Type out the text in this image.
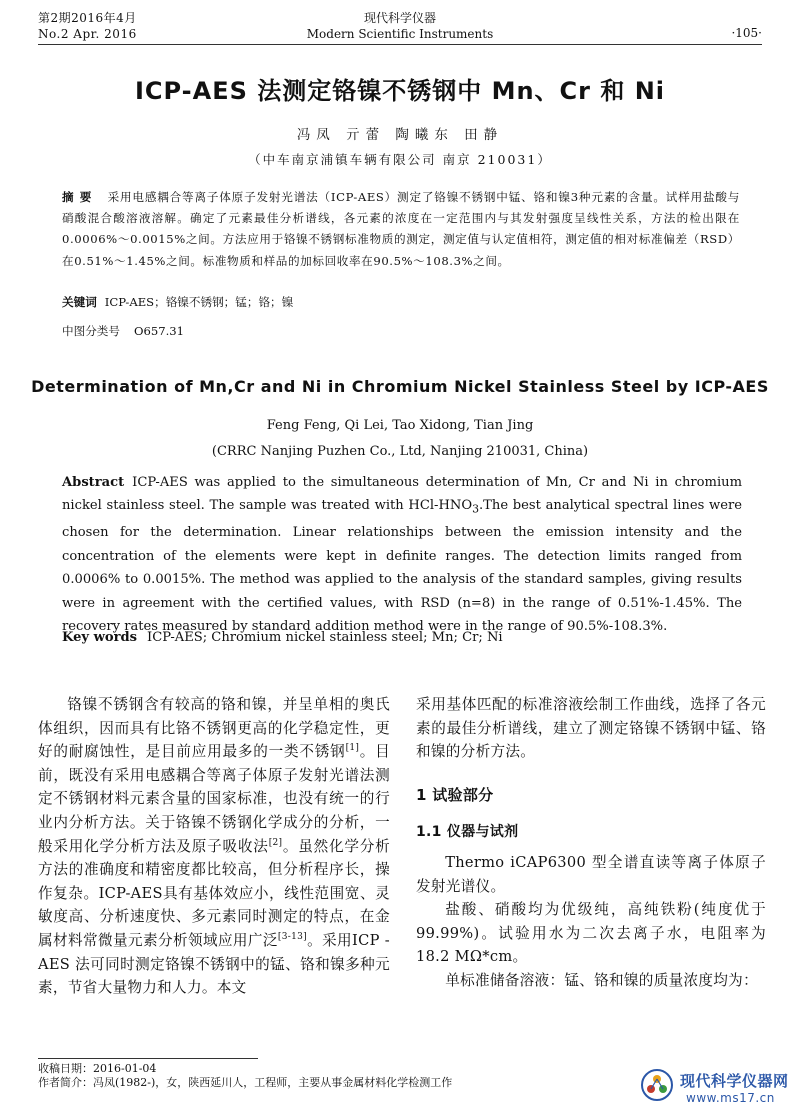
第2期2016年4月
No.2 Apr. 2016
现代科学仪器
Modern Scientific Instruments	·105·
ICP-AES 法测定铬镍不锈钢中 Mn、Cr 和 Ni
冯凤 亓蕾 陶曦东 田静
（中车南京浦镇车辆有限公司 南京 210031）
摘要 采用电感耦合等离子体原子发射光谱法（ICP-AES）测定了铬镍不锈钢中锰、铬和镍3种元素的含量。试样用盐酸与硝酸混合酸溶液溶解。确定了元素最佳分析谱线，各元素的浓度在一定范围内与其发射强度呈线性关系，方法的检出限在0.0006%～0.0015%之间。方法应用于铬镍不锈钢标准物质的测定，测定值与认定值相符，测定值的相对标准偏差（RSD）在0.51%～1.45%之间。标准物质和样品的加标回收率在90.5%～108.3%之间。
关键词 ICP-AES；铬镍不锈钢；锰；铬；镍
中图分类号 O657.31
Determination of Mn,Cr and Ni in Chromium Nickel Stainless Steel by ICP-AES
Feng Feng, Qi Lei, Tao Xidong, Tian Jing
(CRRC Nanjing Puzhen Co., Ltd, Nanjing 210031, China)
Abstract ICP-AES was applied to the simultaneous determination of Mn, Cr and Ni in chromium nickel stainless steel. The sample was treated with HCl-$HNO_3.The$ best analytical spectral lines were chosen for the determination. Linear relationships between the emission intensity and the concentration of the elements were kept in definite ranges. The detection limits ranged from 0.0006% to 0.0015%. The method was applied to the analysis of the standard samples, giving results were in agreement with the certified values, with RSD (n=8) in the range of 0.51%-1.45%. The recovery rates measured by standard addition method were in the range of 90.5%-108.3%.
Key words ICP-AES; Chromium nickel stainless steel; Mn; Cr; Ni

铬镍不锈钢含有较高的铬和镍，并呈单相的奥氏体组织，因而具有比铬不锈钢更高的化学稳定性，更好的耐腐蚀性，是目前应用最多的一类不锈钢[1]。目前，既没有采用电感耦合等离子体原子发射光谱法测定不锈钢材料元素含量的国家标准，也没有统一的行业内分析方法。关于铬镍不锈钢化学成分的分析，一般采用化学分析方法及原子吸收法[2]。虽然化学分析方法的准确度和精密度都比较高，但分析程序长，操作复杂。ICP-AES具有基体效应小，线性范围宽、灵敏度高、分析速度快、多元素同时测定的特点，在金属材料常微量元素分析领域应用广泛[3-13]。采用ICP -AES 法可同时测定铬镍不锈钢中的锰、铬和镍多种元素，节省大量物力和人力。本文

采用基体匹配的标准溶液绘制工作曲线，选择了各元素的最佳分析谱线，建立了测定铬镍不锈钢中锰、铬和镍的分析方法。

1 试验部分
1.1 仪器与试剂

Thermo iCAP6300 型全谱直读等离子体原子发射光谱仪。

盐酸、硝酸均为优级纯，高纯铁粉(纯度优于99.99%)。试验用水为二次去离子水，电阻率为18.2 MΩ*cm。

单标准储备溶液：锰、铬和镍的质量浓度均为：

收稿日期：2016-01-04
作者简介：冯凤(1982-)，女，陕西延川人，工程师，主要从事金属材料化学检测工作	现代科学仪器网
www.ms17.cn
